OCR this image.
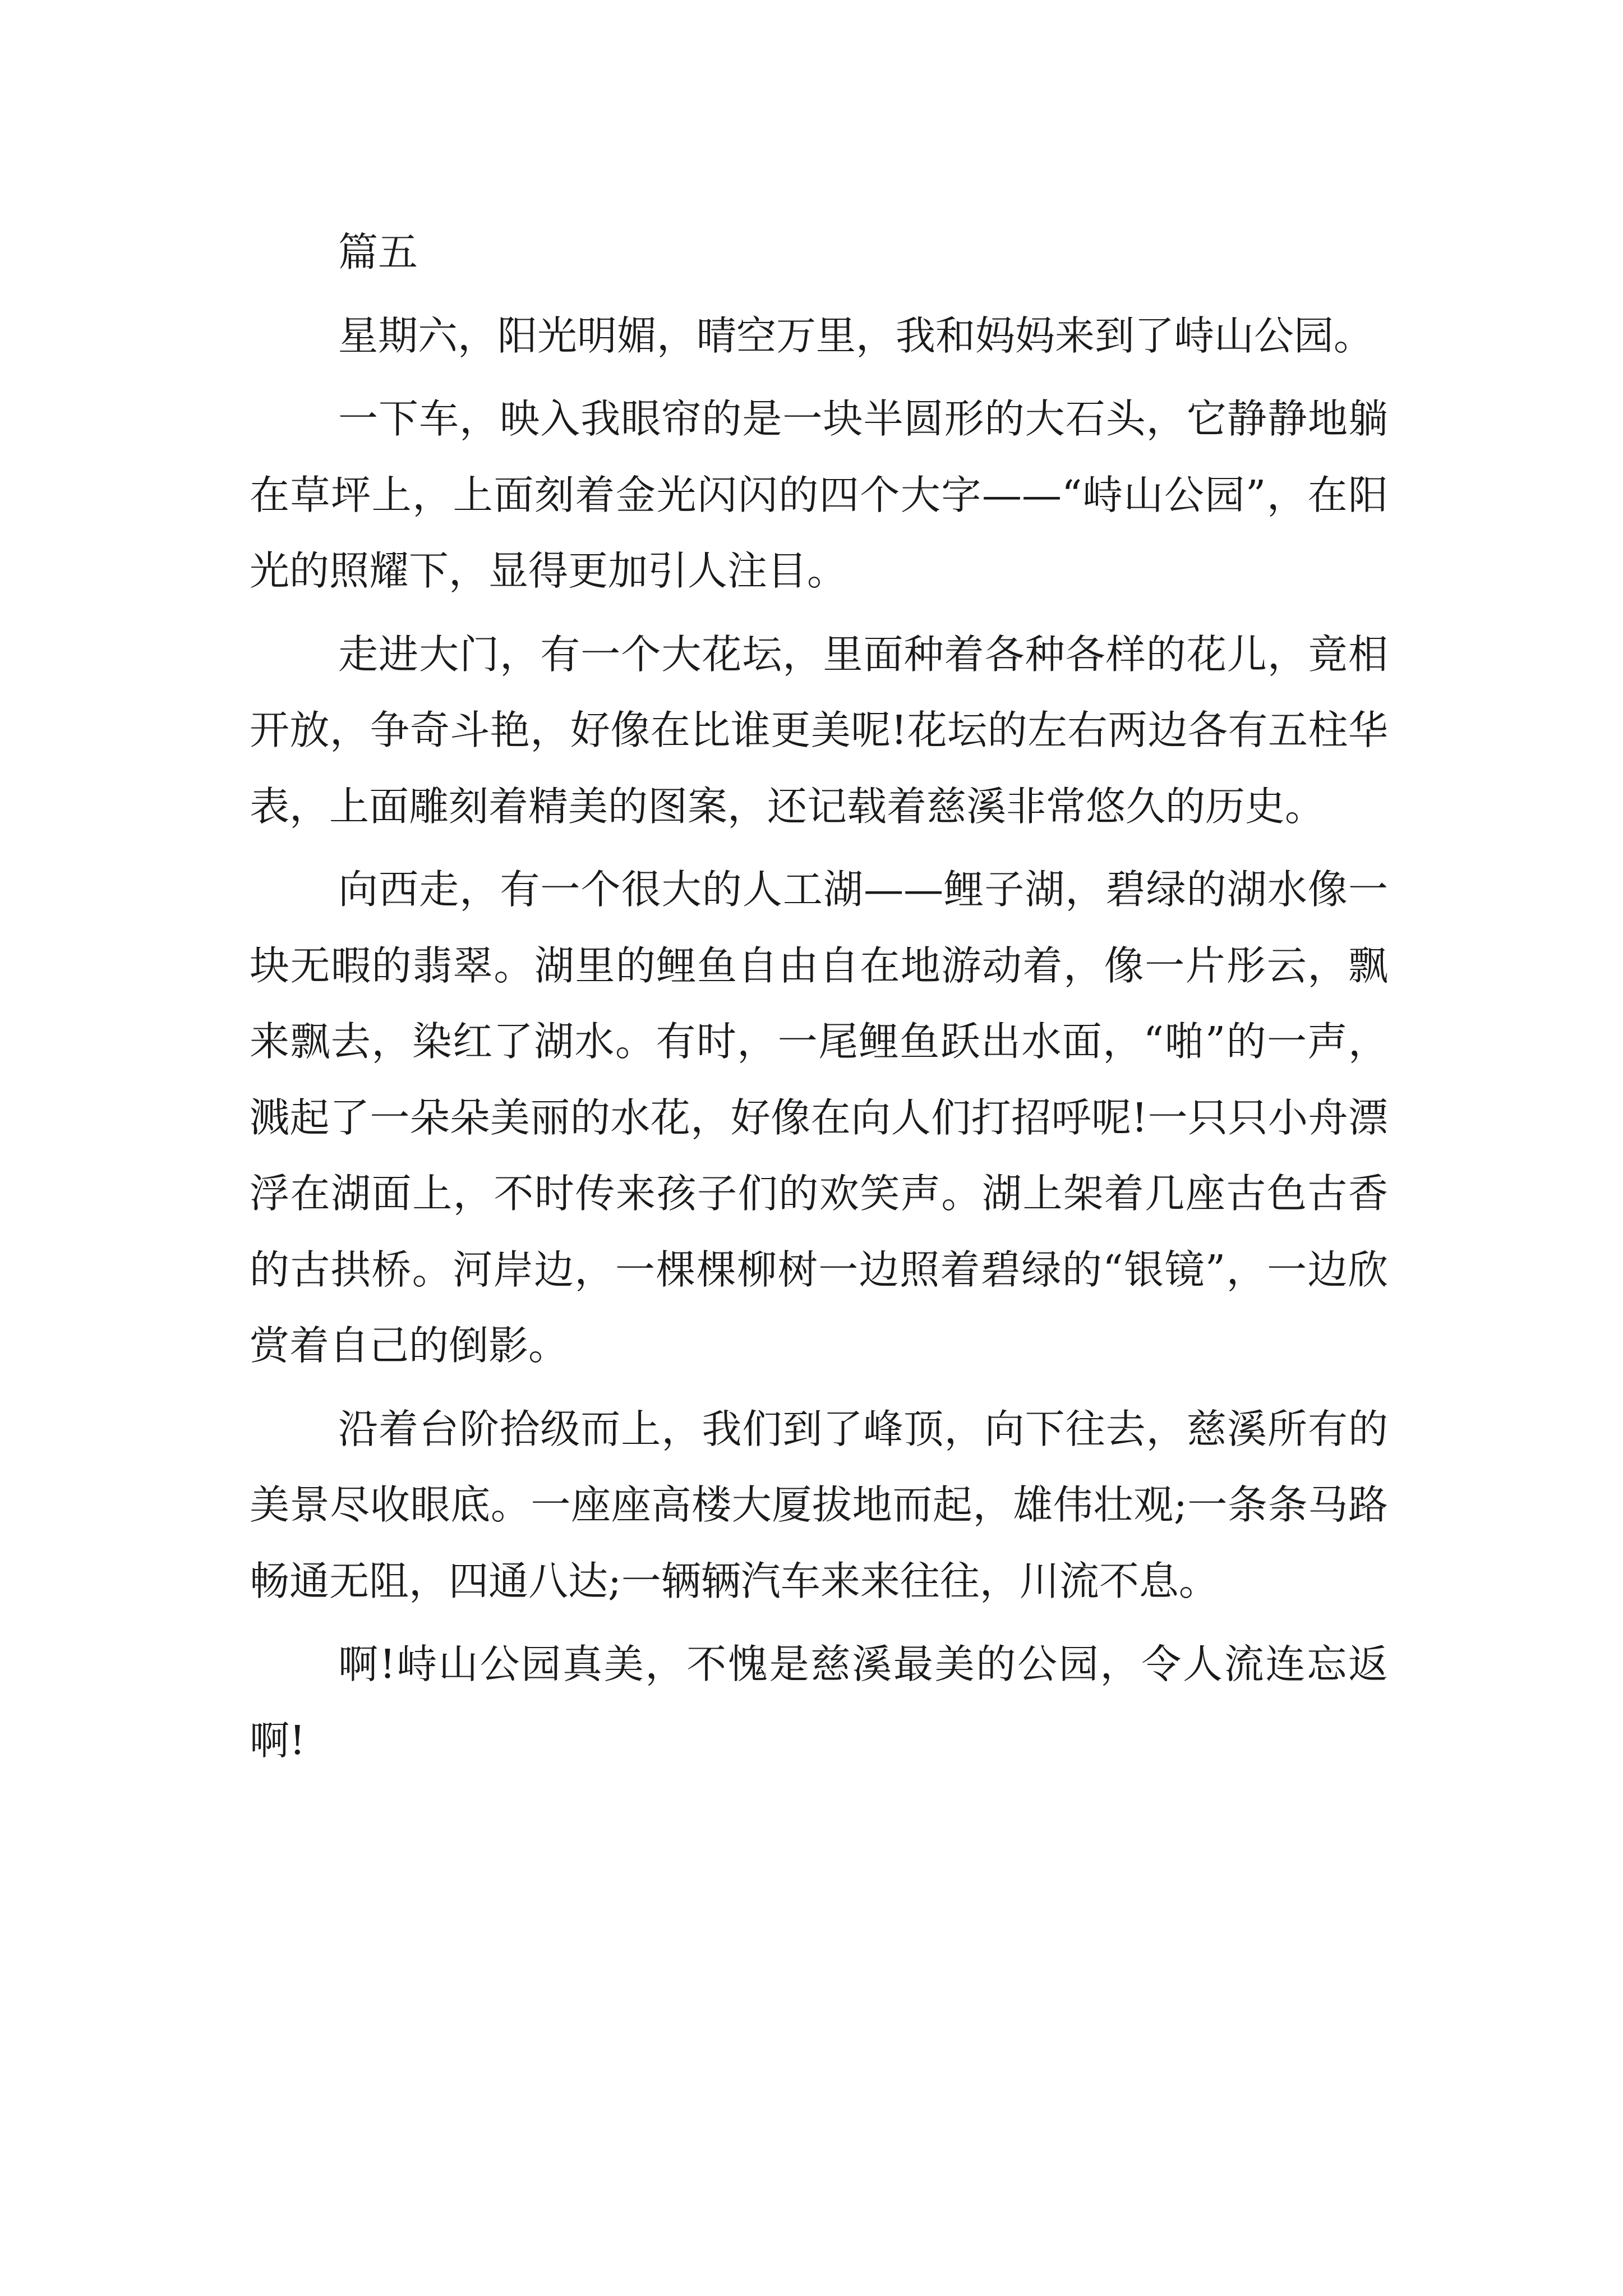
篇五

星期六，阳光明媚，晴空万里，我和妈妈来到了峙山公园。

一下车，映入我眼帘的是一块半圆形的大石头，它静静地躺在草坪上，上面刻着金光闪闪的四个大字——“峙山公园”，在阳光的照耀下，显得更加引人注目。

走进大门，有一个大花坛，里面种着各种各样的花儿，竟相开放，争奇斗艳，好像在比谁更美呢!花坛的左右两边各有五柱华表，上面雕刻着精美的图案，还记载着慈溪非常悠久的历史。

向西走，有一个很大的人工湖——鲤子湖，碧绿的湖水像一块无暇的翡翠。湖里的鲤鱼自由自在地游动着，像一片彤云，飘来飘去，染红了湖水。有时，一尾鲤鱼跃出水面，“啪”的一声，溅起了一朵朵美丽的水花，好像在向人们打招呼呢!一只只小舟漂浮在湖面上，不时传来孩子们的欢笑声。湖上架着几座古色古香的古拱桥。河岸边，一棵棵柳树一边照着碧绿的“银镜”，一边欣赏着自己的倒影。

沿着台阶拾级而上，我们到了峰顶，向下往去，慈溪所有的美景尽收眼底。一座座高楼大厦拔地而起，雄伟壮观;一条条马路畅通无阻，四通八达;一辆辆汽车来来往往，川流不息。

啊!峙山公园真美，不愧是慈溪最美的公园，令人流连忘返啊!
